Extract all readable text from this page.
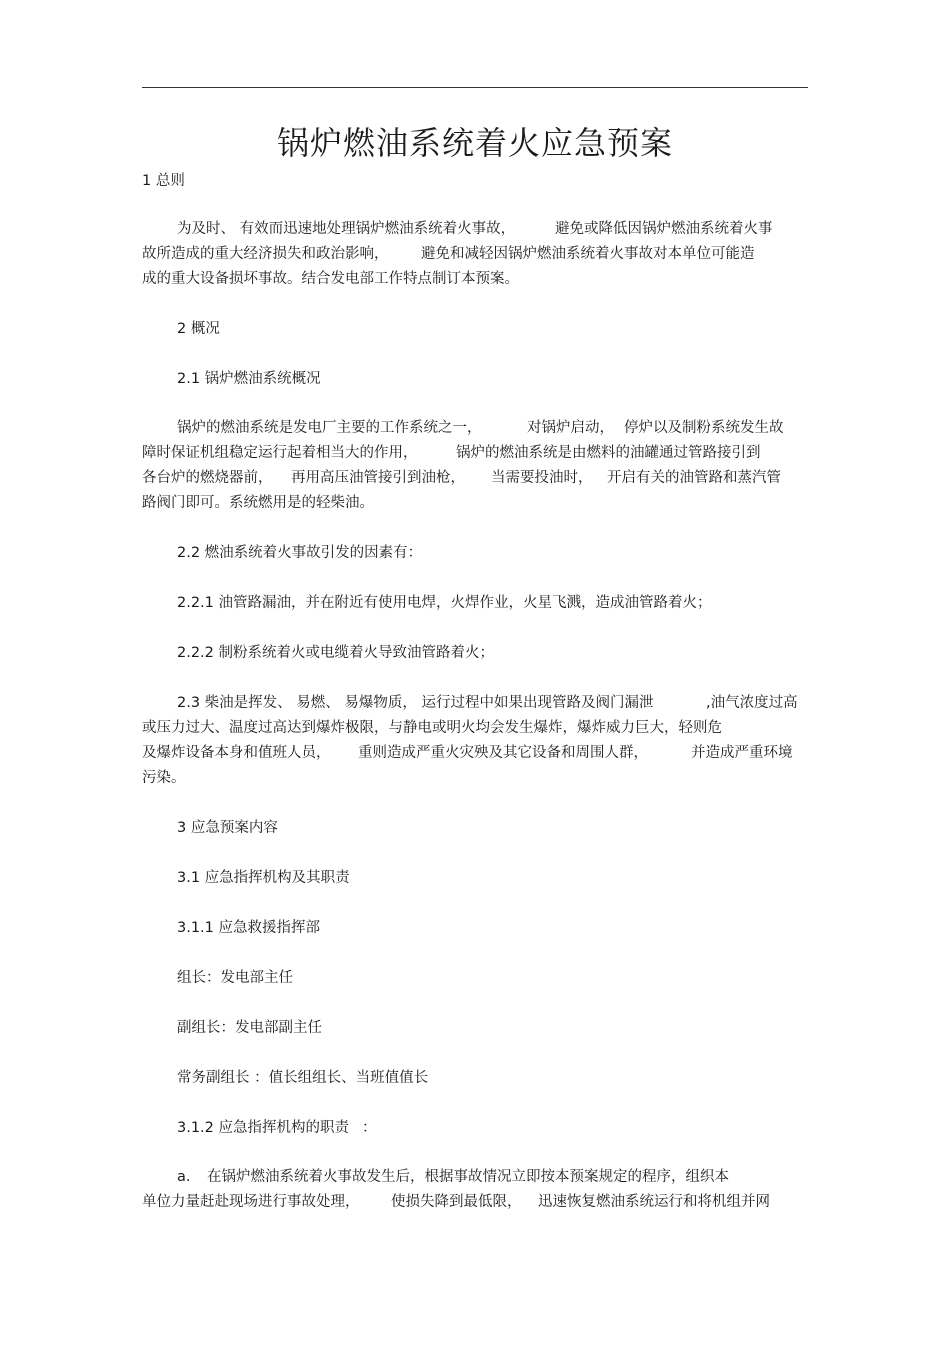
锅炉燃油系统着火应急预案
1 总则
为及时、 有效而迅速地处理锅炉燃油系统着火事故，	避免或降低因锅炉燃油系统着火事
故所造成的重大经济损失和政治影响， 避免和减轻因锅炉燃油系统着火事故对本单位可能造
成的重大设备损坏事故。结合发电部工作特点制订本预案。
2 概况
2.1 锅炉燃油系统概况
锅炉的燃油系统是发电厂主要的工作系统之一，	对锅炉启动， 停炉以及制粉系统发生故
障时保证机组稳定运行起着相当大的作用，	锅炉的燃油系统是由燃料的油罐通过管路接引到
各台炉的燃烧器前， 再用高压油管接引到油枪， 当需要投油时， 开启有关的油管路和蒸汽管
路阀门即可。系统燃用是的轻柴油。
2.2 燃油系统着火事故引发的因素有：
2.2.1 油管路漏油，并在附近有使用电焊，火焊作业，火星飞溅，造成油管路着火；
2.2.2 制粉系统着火或电缆着火导致油管路着火；
2.3 柴油是挥发、 易燃、 易爆物质， 运行过程中如果出现管路及阀门漏泄	,油气浓度过高
或压力过大、温度过高达到爆炸极限，与静电或明火均会发生爆炸，爆炸威力巨大，轻则危
及爆炸设备本身和值班人员， 重则造成严重火灾殃及其它设备和周围人群，	并造成严重环境
污染。
3 应急预案内容
3.1 应急指挥机构及其职责
3.1.1 应急救援指挥部
组长：发电部主任
副组长：发电部副主任
常务副组长 ：值长组组长、当班值值长
3.1.2 应急指挥机构的职责 ：
a. 在锅炉燃油系统着火事故发生后，根据事故情况立即按本预案规定的程序，组织本
单位力量赶赴现场进行事故处理， 使损失降到最低限， 迅速恢复燃油系统运行和将机组并网
